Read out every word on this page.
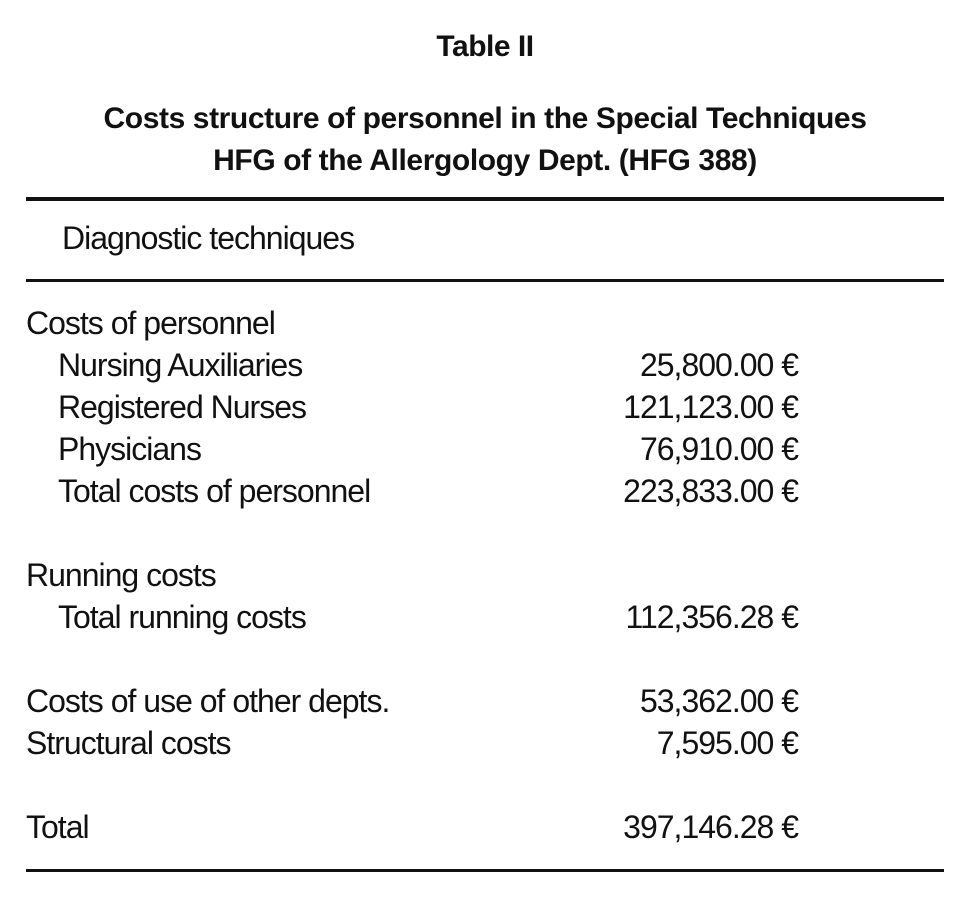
Table II
Costs structure of personnel in the Special Techniques
HFG of the Allergology Dept. (HFG 388)
Diagnostic techniques
Costs of personnel
Nursing Auxiliaries	25,800.00 €
Registered Nurses	121,123.00 €
Physicians	76,910.00 €
Total costs of personnel	223,833.00 €
Running costs
Total running costs	112,356.28 €
Costs of use of other depts.	53,362.00 €
Structural costs	7,595.00 €
Total	397,146.28 €
